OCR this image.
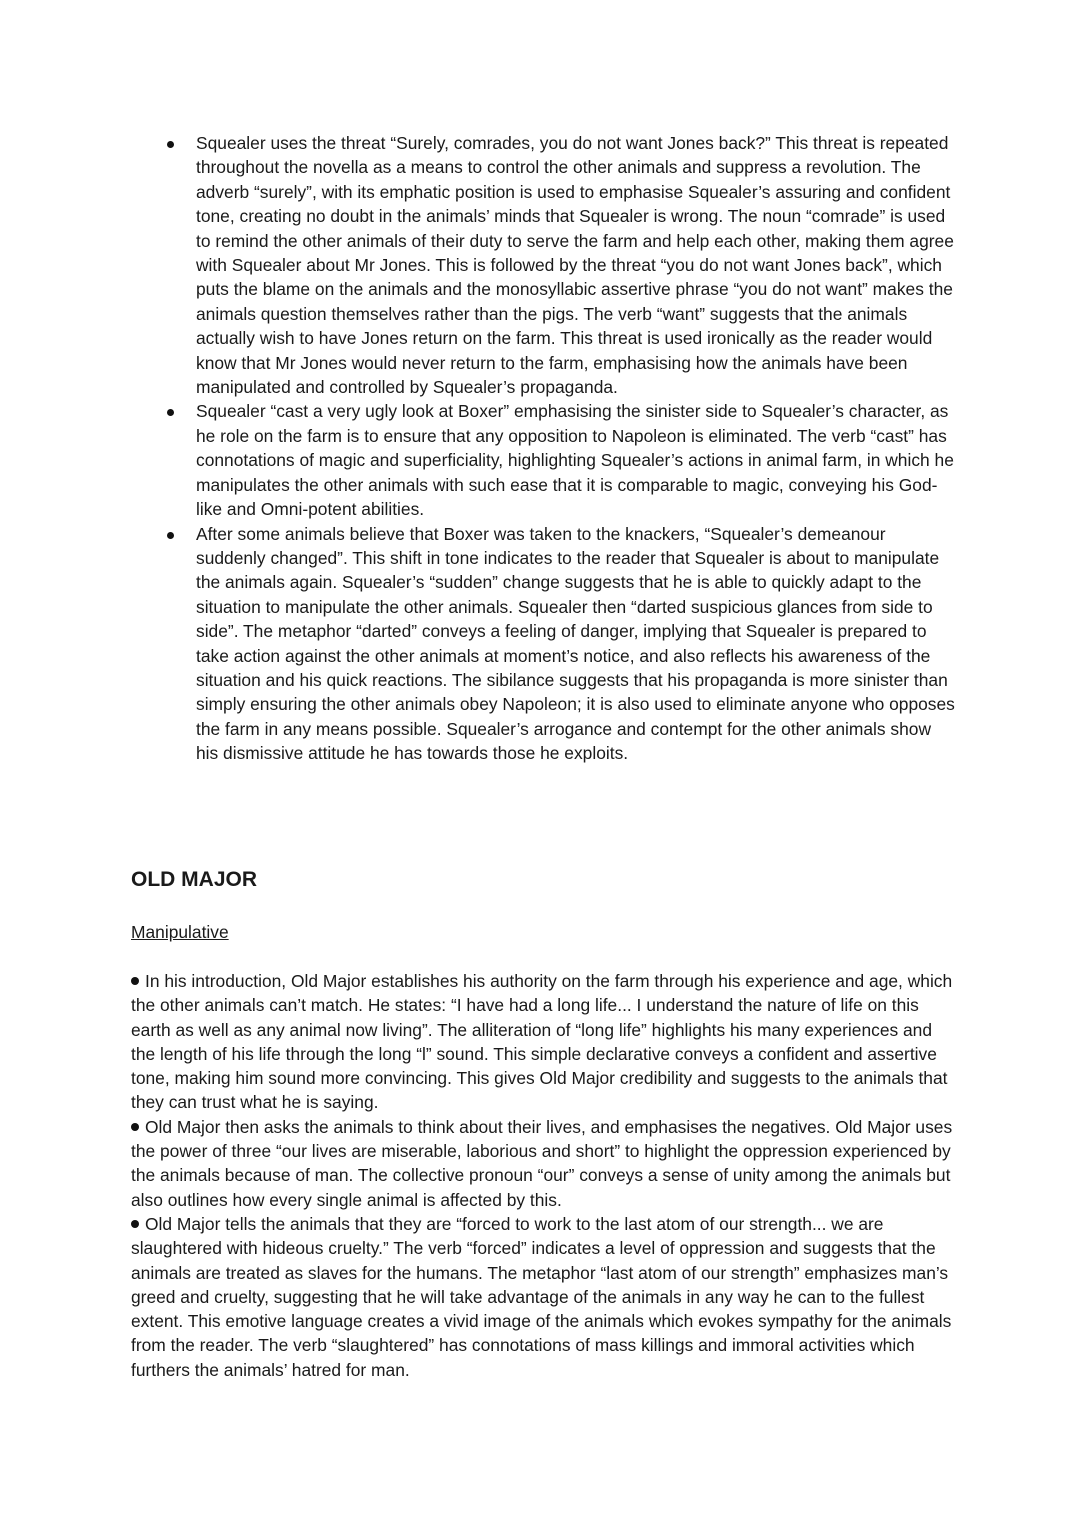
Squealer uses the threat “Surely, comrades, you do not want Jones back?” This threat is repeated throughout the novella as a means to control the other animals and suppress a revolution. The adverb “surely”, with its emphatic position is used to emphasise Squealer’s assuring and confident tone, creating no doubt in the animals’ minds that Squealer is wrong. The noun “comrade” is used to remind the other animals of their duty to serve the farm and help each other, making them agree with Squealer about Mr Jones. This is followed by the threat “you do not want Jones back”, which puts the blame on the animals and the monosyllabic assertive phrase “you do not want” makes the animals question themselves rather than the pigs. The verb “want” suggests that the animals actually wish to have Jones return on the farm. This threat is used ironically as the reader would know that Mr Jones would never return to the farm, emphasising how the animals have been manipulated and controlled by Squealer’s propaganda.
Squealer “cast a very ugly look at Boxer” emphasising the sinister side to Squealer’s character, as he role on the farm is to ensure that any opposition to Napoleon is eliminated. The verb “cast” has connotations of magic and superficiality, highlighting Squealer’s actions in animal farm, in which he manipulates the other animals with such ease that it is comparable to magic, conveying his God-like and Omni-potent abilities.
After some animals believe that Boxer was taken to the knackers, “Squealer’s demeanour suddenly changed”. This shift in tone indicates to the reader that Squealer is about to manipulate the animals again. Squealer’s “sudden” change suggests that he is able to quickly adapt to the situation to manipulate the other animals. Squealer then “darted suspicious glances from side to side”. The metaphor “darted” conveys a feeling of danger, implying that Squealer is prepared to take action against the other animals at moment’s notice, and also reflects his awareness of the situation and his quick reactions. The sibilance suggests that his propaganda is more sinister than simply ensuring the other animals obey Napoleon; it is also used to eliminate anyone who opposes the farm in any means possible. Squealer’s arrogance and contempt for the other animals show his dismissive attitude he has towards those he exploits.
OLD MAJOR

Manipulative

In his introduction, Old Major establishes his authority on the farm through his experience and age, which the other animals can’t match. He states: “I have had a long life... I understand the nature of life on this earth as well as any animal now living”. The alliteration of “long life” highlights his many experiences and the length of his life through the long “l” sound. This simple declarative conveys a confident and assertive tone, making him sound more convincing. This gives Old Major credibility and suggests to the animals that they can trust what he is saying.

Old Major then asks the animals to think about their lives, and emphasises the negatives. Old Major uses the power of three “our lives are miserable, laborious and short” to highlight the oppression experienced by the animals because of man. The collective pronoun “our” conveys a sense of unity among the animals but also outlines how every single animal is affected by this.

Old Major tells the animals that they are “forced to work to the last atom of our strength... we are slaughtered with hideous cruelty.” The verb “forced” indicates a level of oppression and suggests that the animals are treated as slaves for the humans. The metaphor “last atom of our strength” emphasizes man’s greed and cruelty, suggesting that he will take advantage of the animals in any way he can to the fullest extent. This emotive language creates a vivid image of the animals which evokes sympathy for the animals from the reader. The verb “slaughtered” has connotations of mass killings and immoral activities which furthers the animals’ hatred for man.
